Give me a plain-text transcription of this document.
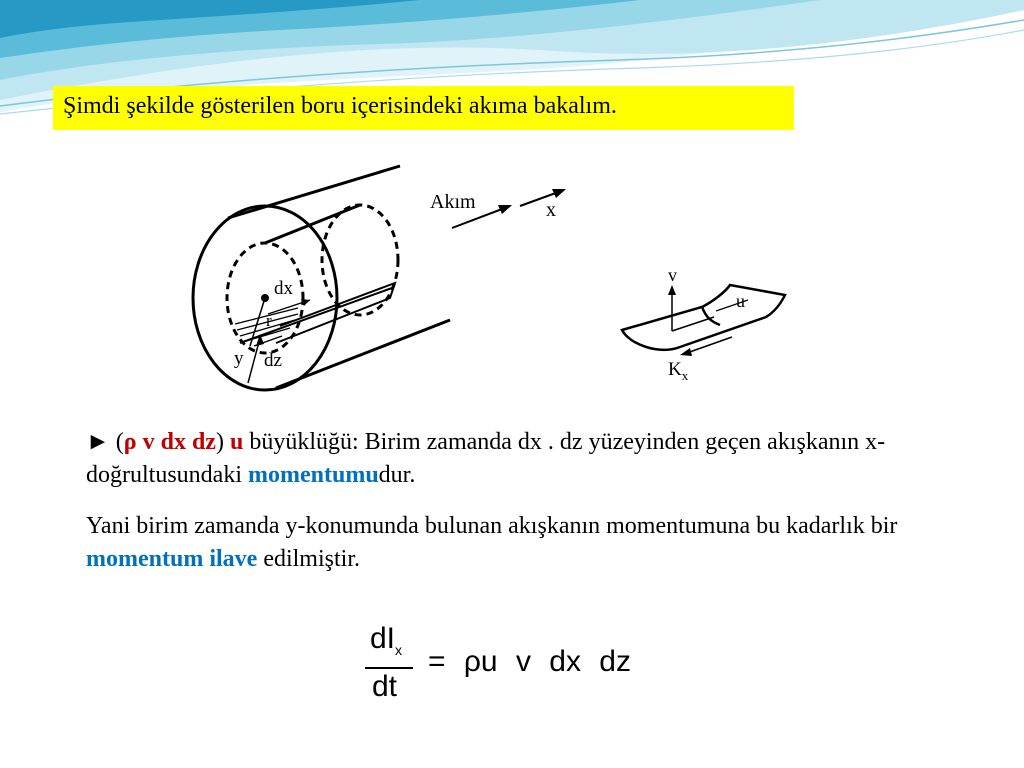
Şimdi şekilde gösterilen boru içerisindeki akıma bakalım.
Akım	x
dx
r
y dz
v
u
$K_x$
► (ρ v dx dz) u büyüklüğü: Birim zamanda dx . dz yüzeyinden geçen akışkanın x-doğrultusundaki momentumudur.
Yani birim zamanda y-konumunda bulunan akışkanın momentumuna bu kadarlık bir momentum ilave edilmiştir.
$dI_x$
dt
= ρu v dx dz
